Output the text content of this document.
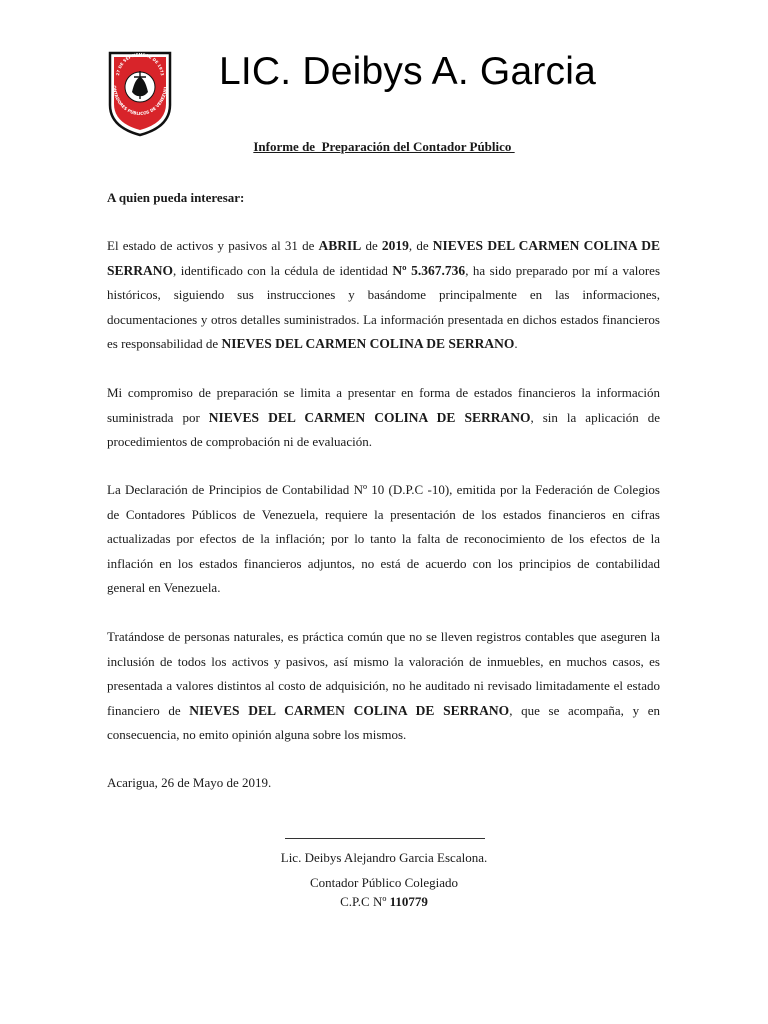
27 DE SEPTIEMBRE DE 1973
ONTADORES PÚBLICOS DE VENEZUEL LIC. Deibys A. Garcia

Informe de  Preparación del Contador Público

A quien pueda interesar:

El estado de activos y pasivos al 31 de ABRIL de 2019, de NIEVES DEL CARMEN COLINA DE SERRANO, identificado con la cédula de identidad Nº 5.367.736, ha sido preparado por mí a valores históricos, siguiendo sus instrucciones y basándome principalmente en las informaciones, documentaciones y otros detalles suministrados. La información presentada en dichos estados financieros es responsabilidad de NIEVES DEL CARMEN COLINA DE SERRANO.

Mi compromiso de preparación se limita a presentar en forma de estados financieros la información suministrada por NIEVES DEL CARMEN COLINA DE SERRANO, sin la aplicación de procedimientos de comprobación ni de evaluación.

La Declaración de Principios de Contabilidad Nº 10 (D.P.C -10), emitida por la Federación de Colegios de Contadores Públicos de Venezuela, requiere la presentación de los estados financieros en cifras actualizadas por efectos de la inflación; por lo tanto la falta de reconocimiento de los efectos de la inflación en los estados financieros adjuntos, no está de acuerdo con los principios de contabilidad general en Venezuela.

Tratándose de personas naturales, es práctica común que no se lleven registros contables que aseguren la inclusión de todos los activos y pasivos, así mismo la valoración de inmuebles, en muchos casos, es presentada a valores distintos al costo de adquisición, no he auditado ni revisado limitadamente el estado financiero de NIEVES DEL CARMEN COLINA DE SERRANO, que se acompaña, y en consecuencia, no emito opinión alguna sobre los mismos.

Acarigua, 26 de Mayo de 2019.

Lic. Deibys Alejandro Garcia Escalona.

Contador Público Colegiado

C.P.C Nº 110779
